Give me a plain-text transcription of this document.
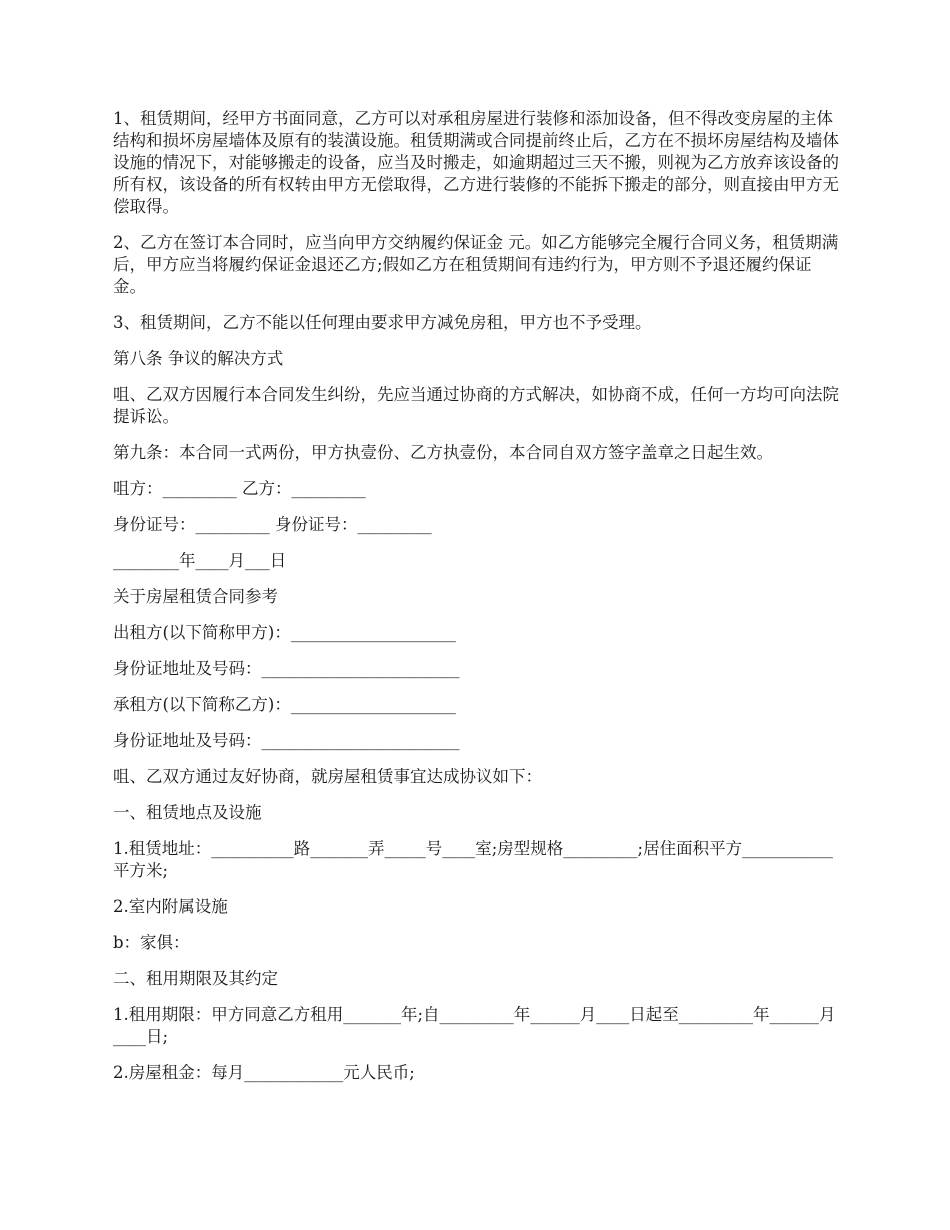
1、租赁期间，经甲方书面同意，乙方可以对承租房屋进行装修和添加设备，但不得改变房屋的主体结构和损坏房屋墙体及原有的装潢设施。租赁期满或合同提前终止后，乙方在不损坏房屋结构及墙体设施的情况下，对能够搬走的设备，应当及时搬走，如逾期超过三天不搬，则视为乙方放弃该设备的所有权，该设备的所有权转由甲方无偿取得，乙方进行装修的不能拆下搬走的部分，则直接由甲方无偿取得。

2、乙方在签订本合同时，应当向甲方交纳履约保证金 元。如乙方能够完全履行合同义务，租赁期满后，甲方应当将履约保证金退还乙方;假如乙方在租赁期间有违约行为，甲方则不予退还履约保证金。

3、租赁期间，乙方不能以任何理由要求甲方减免房租，甲方也不予受理。

第八条 争议的解决方式

咀、乙双方因履行本合同发生纠纷，先应当通过协商的方式解决，如协商不成，任何一方均可向法院提诉讼。

第九条：本合同一式两份，甲方执壹份、乙方执壹份，本合同自双方签字盖章之日起生效。

咀方：_________ 乙方：_________

身份证号：_________ 身份证号：_________

________年____月___日

关于房屋租赁合同参考

出租方(以下简称甲方)：____________________

身份证地址及号码：________________________

承租方(以下简称乙方)：____________________

身份证地址及号码：________________________

咀、乙双方通过友好协商，就房屋租赁事宜达成协议如下：

一、租赁地点及设施

1.租赁地址：__________路_______弄_____号____室;房型规格_________;居住面积平方___________平方米;

2.室内附属设施

b：家俱：

二、租用期限及其约定

1.租用期限：甲方同意乙方租用_______年;自_________年______月____日起至_________年______月____日;

2.房屋租金：每月____________元人民币;
